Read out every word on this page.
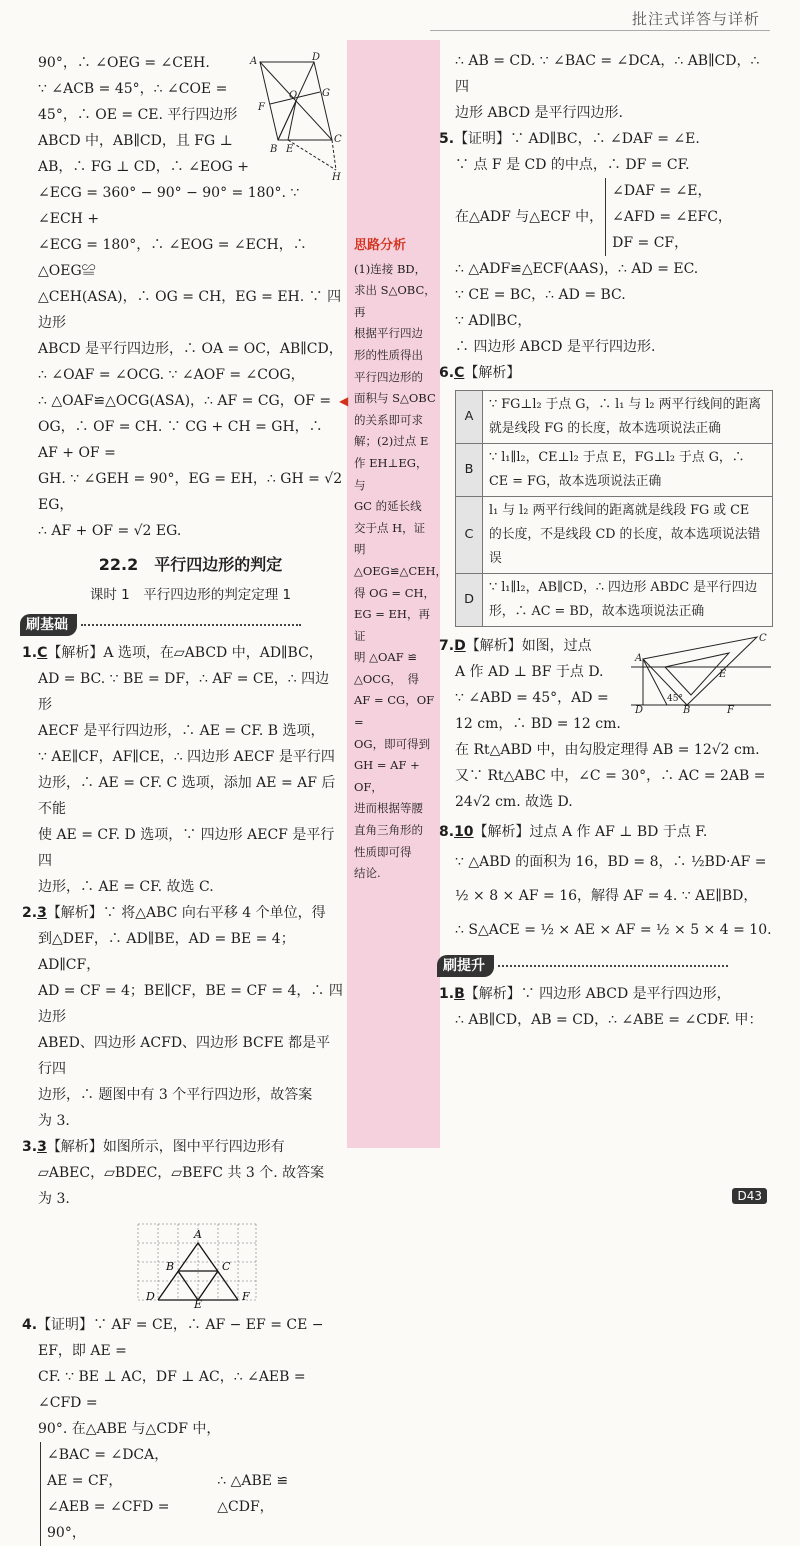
批注式详答与详析
A	D
G
O
F
C
B E
H

90°，∴ ∠OEG = ∠CEH.

∵ ∠ACB = 45°，∴ ∠COE =

45°，∴ OE = CE. 平行四边形

ABCD 中，AB∥CD，且 FG ⊥

AB，∴ FG ⊥ CD，∴ ∠EOG +

∠ECG = 360° − 90° − 90° = 180°. ∵ ∠ECH +

∠ECG = 180°，∴ ∠EOG = ∠ECH，∴ △OEG≌

△CEH(ASA)，∴ OG = CH，EG = EH. ∵ 四边形

ABCD 是平行四边形，∴ OA = OC，AB∥CD，

∴ ∠OAF = ∠OCG. ∵ ∠AOF = ∠COG，

∴ △OAF≌△OCG(ASA)，∴ AF = CG，OF =

OG，∴ OF = CH. ∵ CG + CH = GH，∴ AF + OF =

GH. ∵ ∠GEH = 90°，EG = EH，∴ GH = √2 EG，

∴ AF + OF = √2 EG.

22.2　平行四边形的判定
课时 1　平行四边形的判定定理 1
刷基础

1.C【解析】A 选项，在▱ABCD 中，AD∥BC，

AD = BC. ∵ BE = DF，∴ AF = CE，∴ 四边形

AECF 是平行四边形，∴ AE = CF. B 选项，

∵ AE∥CF，AF∥CE，∴ 四边形 AECF 是平行四

边形，∴ AE = CF. C 选项，添加 AE = AF 后不能

使 AE = CF. D 选项，∵ 四边形 AECF 是平行四

边形，∴ AE = CF. 故选 C.

2.3【解析】∵ 将△ABC 向右平移 4 个单位，得

到△DEF，∴ AD∥BE，AD = BE = 4；AD∥CF，

AD = CF = 4；BE∥CF，BE = CF = 4，∴ 四边形

ABED、四边形 ACFD、四边形 BCFE 都是平行四

边形，∴ 题图中有 3 个平行四边形，故答案

为 3.

3.3【解析】如图所示，图中平行四边形有

▱ABEC，▱BDEC，▱BEFC 共 3 个. 故答案

为 3.

A
B	C
D
E
F

4.【证明】∵ AF = CE，∴ AF − EF = CE − EF，即 AE =

CF. ∵ BE ⊥ AC，DF ⊥ AC，∴ ∠AEB = ∠CFD =

90°. 在△ABE 与△CDF 中，

∠BAC = ∠DCA，

AE = CF，

∠AEB = ∠CFD = 90°，

∴ △ABE ≌ △CDF，
◀
思路分析
(1)连接 BD，
求出 S△OBC，再
根据平行四边
形的性质得出
平行四边形的
面积与 S△OBC
的关系即可求
解；(2)过点 E
作 EH⊥EG，与
GC 的延长线
交于点 H，证明
△OEG≌△CEH，
得 OG = CH，
EG = EH，再证
明 △OAF ≌
△OCG，　得
AF = CG，OF =
OG，即可得到
GH = AF + OF，
进而根据等腰
直角三角形的
性质即可得
结论.

∴ AB = CD. ∵ ∠BAC = ∠DCA，∴ AB∥CD，∴ 四

边形 ABCD 是平行四边形.

5.【证明】∵ AD∥BC，∴ ∠DAF = ∠E.

∵ 点 F 是 CD 的中点，∴ DF = CF.

在△ADF 与△ECF 中，

∠DAF = ∠E，

∠AFD = ∠EFC，

DF = CF，

∴ △ADF≌△ECF(AAS)，∴ AD = EC.

∵ CE = BC，∴ AD = BC.

∵ AD∥BC，

∴ 四边形 ABCD 是平行四边形.

6.C【解析】

A	∵ FG⊥l₂ 于点 G，∴ l₁ 与 l₂ 两平行线间的距离就是线段 FG 的长度，故本选项说法正确
B	∵ l₁∥l₂，CE⊥l₂ 于点 E，FG⊥l₂ 于点 G，∴ CE = FG，故本选项说法正确
C	l₁ 与 l₂ 两平行线间的距离就是线段 FG 或 CE 的长度，不是线段 CD 的长度，故本选项说法错误
D	∵ l₁∥l₂，AB∥CD，∴ 四边形 ABDC 是平行四边形，∴ AC = BD，故本选项说法正确
A
C
E
D	B	F
45°

7.D【解析】如图，过点

A 作 AD ⊥ BF 于点 D.

∵ ∠ABD = 45°，AD =

12 cm，∴ BD = 12 cm.

在 Rt△ABD 中，由勾股定理得 AB = 12√2 cm.

又∵ Rt△ABC 中，∠C = 30°，∴ AC = 2AB =

24√2 cm. 故选 D.

8.10【解析】过点 A 作 AF ⊥ BD 于点 F.

∵ △ABD 的面积为 16，BD = 8，∴ ½BD·AF =

½ × 8 × AF = 16，解得 AF = 4. ∵ AE∥BD，

∴ S△ACE = ½ × AE × AF = ½ × 5 × 4 = 10.

刷提升

1.B【解析】∵ 四边形 ABCD 是平行四边形，

∴ AB∥CD，AB = CD，∴ ∠ABE = ∠CDF. 甲：

D43
